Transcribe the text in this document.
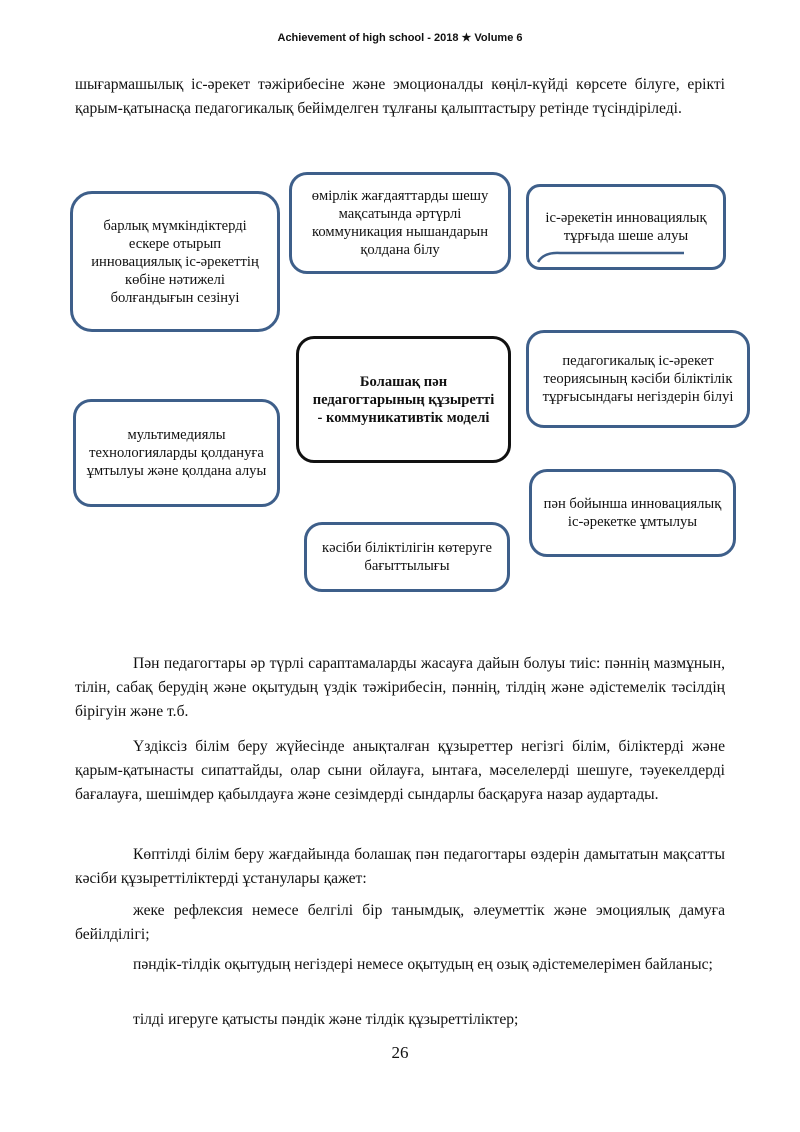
Achievement of high school - 2018 ★ Volume 6

шығармашылық іс-әрекет тәжірибесіне және эмоционалды көңіл-күйді көрсете білуге, ерікті қарым-қатынасқа педагогикалық бейімделген тұлғаны қалыптастыру ретінде түсіндіріледі.

барлық мүмкіндіктерді ескере отырып инновациялық іс-әрекеттің көбіне нәтижелі болғандығын сезінуі
өмірлік жағдаяттарды шешу мақсатында әртүрлі коммуникация нышандарын қолдана білу
іс-әрекетін инновациялық тұрғыда шеше алуы
Болашақ пән педагогтарының құзыретті - коммуникативтік моделі
педагогикалық іс-әрекет теориясының кәсіби біліктілік тұрғысындағы негіздерін білуі
мультимедиялы технологияларды қолдануға ұмтылуы және қолдана алуы
пән бойынша инновациялық іс-әрекетке ұмтылуы
кәсіби біліктілігін көтеруге бағыттылығы

Пән педагогтары әр түрлі сараптамаларды жасауға дайын болуы тиіс: пәннің мазмұнын, тілін, сабақ берудің және оқытудың үздік тәжірибесін, пәннің, тілдің және әдістемелік тәсілдің бірігуін және т.б.

Үздіксіз білім беру жүйесінде анықталған құзыреттер негізгі білім, біліктерді және қарым-қатынасты сипаттайды, олар сыни ойлауға, ынтаға, мәселелерді шешуге, тәуекелдерді бағалауға, шешімдер қабылдауға және сезімдерді сындарлы басқаруға назар аудартады.

Көптілді білім беру жағдайында болашақ пән педагогтары өздерін дамытатын мақсатты кәсіби құзыреттіліктерді ұстанулары қажет:

жеке рефлексия немесе белгілі бір танымдық, әлеуметтік және эмоциялық дамуға бейілділігі;

пәндік-тілдік оқытудың негіздері немесе оқытудың ең озық әдістемелерімен байланыс;

тілді игеруге қатысты пәндік және тілдік құзыреттіліктер;

26
